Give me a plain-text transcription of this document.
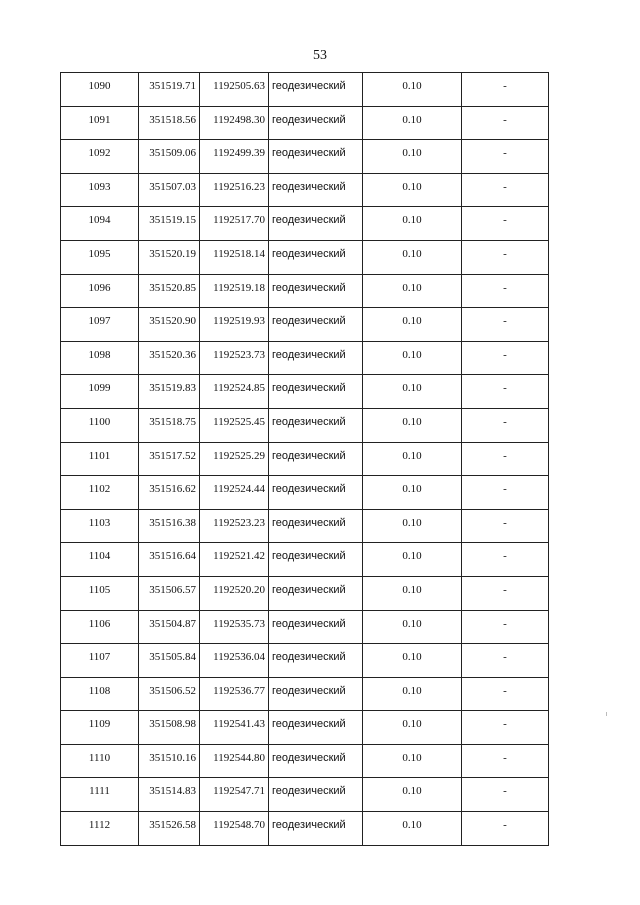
53
1090	351519.71	1192505.63	геодезический	0.10	-

1091	351518.56	1192498.30	геодезический	0.10	-

1092	351509.06	1192499.39	геодезический	0.10	-

1093	351507.03	1192516.23	геодезический	0.10	-

1094	351519.15	1192517.70	геодезический	0.10	-

1095	351520.19	1192518.14	геодезический	0.10	-

1096	351520.85	1192519.18	геодезический	0.10	-

1097	351520.90	1192519.93	геодезический	0.10	-

1098	351520.36	1192523.73	геодезический	0.10	-

1099	351519.83	1192524.85	геодезический	0.10	-

1100	351518.75	1192525.45	геодезический	0.10	-

1101	351517.52	1192525.29	геодезический	0.10	-

1102	351516.62	1192524.44	геодезический	0.10	-

1103	351516.38	1192523.23	геодезический	0.10	-

1104	351516.64	1192521.42	геодезический	0.10	-

1105	351506.57	1192520.20	геодезический	0.10	-

1106	351504.87	1192535.73	геодезический	0.10	-

1107	351505.84	1192536.04	геодезический	0.10	-

1108	351506.52	1192536.77	геодезический	0.10	-

1109	351508.98	1192541.43	геодезический	0.10	-

1110	351510.16	1192544.80	геодезический	0.10	-

1111	351514.83	1192547.71	геодезический	0.10	-

1112	351526.58	1192548.70	геодезический	0.10	-
